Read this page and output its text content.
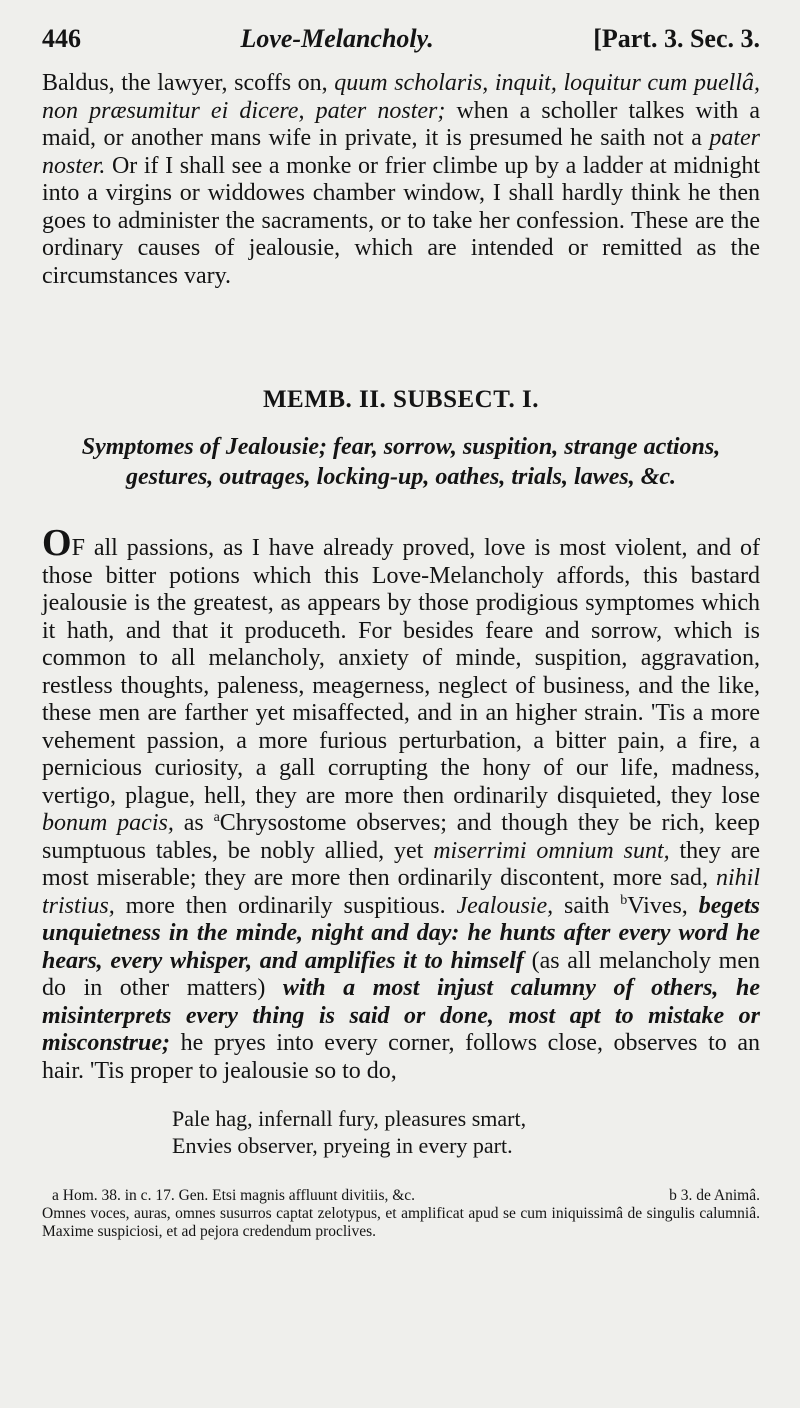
446	Love-Melancholy.	[Part. 3. Sec. 3.

Baldus, the lawyer, scoffs on, quum scholaris, inquit, loquitur cum puellâ, non præsumitur ei dicere, pater noster; when a scholler talkes with a maid, or another mans wife in private, it is presumed he saith not a pater noster. Or if I shall see a monke or frier climbe up by a ladder at midnight into a virgins or widdowes chamber window, I shall hardly think he then goes to administer the sacraments, or to take her confession. These are the ordinary causes of jealousie, which are intended or remitted as the circumstances vary.

MEMB. II. SUBSECT. I.
Symptomes of Jealousie; fear, sorrow, suspition, strange actions, gestures, outrages, locking-up, oathes, trials, lawes, &c.

OF all passions, as I have already proved, love is most violent, and of those bitter potions which this Love-Melancholy affords, this bastard jealousie is the greatest, as appears by those prodigious symptomes which it hath, and that it produceth. For besides feare and sorrow, which is common to all melancholy, anxiety of minde, suspition, aggravation, restless thoughts, paleness, meagerness, neglect of business, and the like, these men are farther yet misaffected, and in an higher strain. 'Tis a more vehement passion, a more furious perturbation, a bitter pain, a fire, a pernicious curiosity, a gall corrupting the hony of our life, madness, vertigo, plague, hell, they are more then ordinarily disquieted, they lose bonum pacis, as $^a$Chrysostome observes; and though they be rich, keep sumptuous tables, be nobly allied, yet miserrimi omnium sunt, they are most miserable; they are more then ordinarily discontent, more sad, nihil tristius, more then ordinarily suspitious. Jealousie, saith $^b$Vives, begets unquietness in the minde, night and day: he hunts after every word he hears, every whisper, and amplifies it to himself (as all melancholy men do in other matters) with a most injust calumny of others, he misinterprets every thing is said or done, most apt to mistake or misconstrue; he pryes into every corner, follows close, observes to an hair. 'Tis proper to jealousie so to do,

Pale hag, infernall fury, pleasures smart,
Envies observer, pryeing in every part.
a Hom. 38. in c. 17. Gen. Etsi magnis affluunt divitiis, &c.	b 3. de Animâ.
Omnes voces, auras, omnes susurros captat zelotypus, et amplificat apud se cum iniquissimâ de singulis calumniâ. Maxime suspiciosi, et ad pejora credendum proclives.
